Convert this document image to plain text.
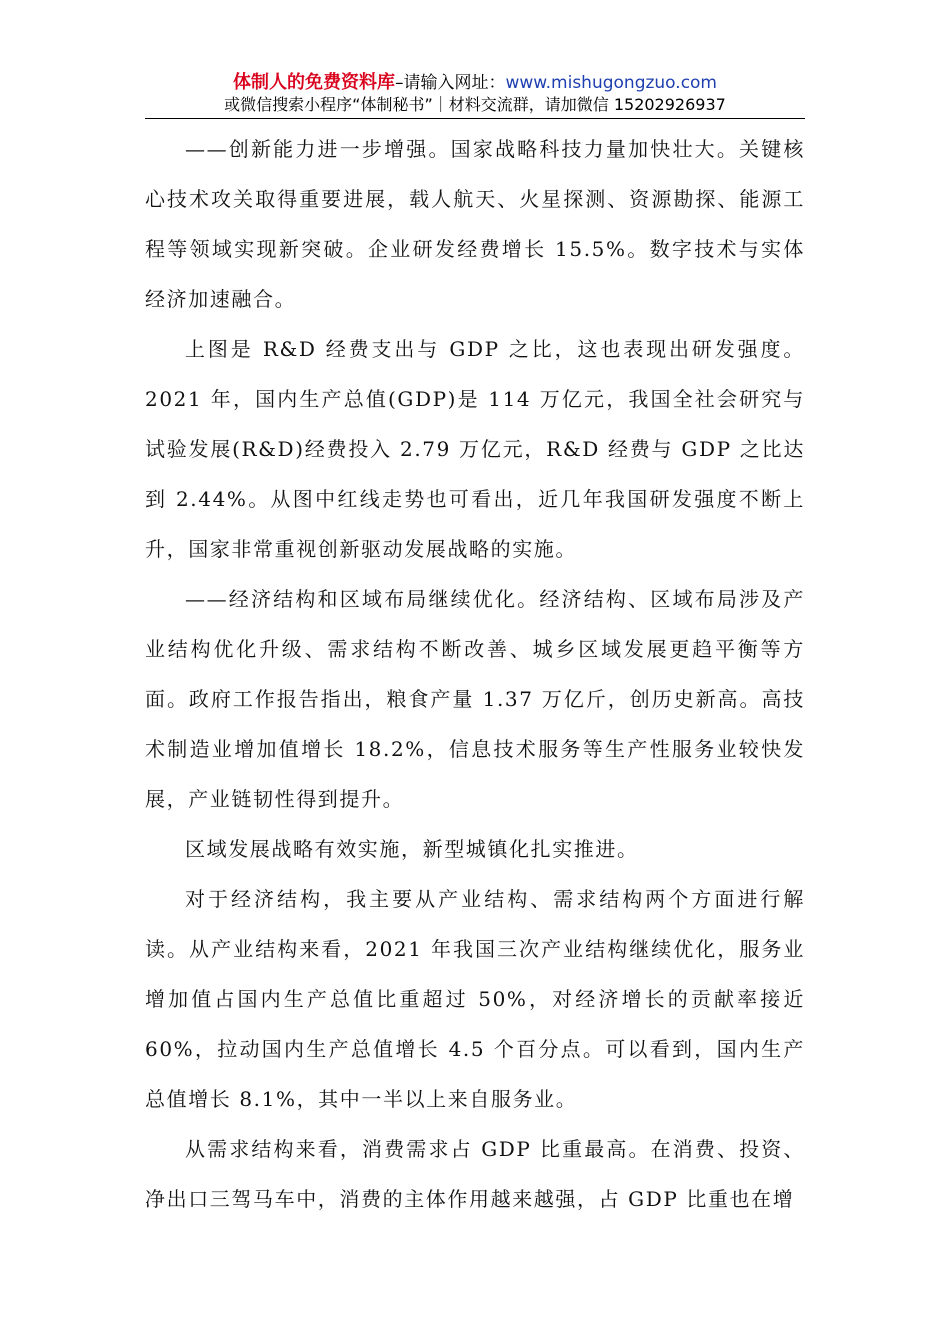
体制人的免费资料库–请输入网址：www.mishugongzuo.com
或微信搜索小程序“体制秘书”｜材料交流群，请加微信 15202926937

——创新能力进一步增强。国家战略科技力量加快壮大。关键核心技术攻关取得重要进展，载人航天、火星探测、资源勘探、能源工程等领域实现新突破。企业研发经费增长 15.5%。数字技术与实体经济加速融合。

上图是 R&D 经费支出与 GDP 之比，这也表现出研发强度。2021 年，国内生产总值(GDP)是 114 万亿元，我国全社会研究与试验发展(R&D)经费投入 2.79 万亿元，R&D 经费与 GDP 之比达到 2.44%。从图中红线走势也可看出，近几年我国研发强度不断上升，国家非常重视创新驱动发展战略的实施。

——经济结构和区域布局继续优化。经济结构、区域布局涉及产业结构优化升级、需求结构不断改善、城乡区域发展更趋平衡等方面。政府工作报告指出，粮食产量 1.37 万亿斤，创历史新高。高技术制造业增加值增长 18.2%，信息技术服务等生产性服务业较快发展，产业链韧性得到提升。

区域发展战略有效实施，新型城镇化扎实推进。

对于经济结构，我主要从产业结构、需求结构两个方面进行解读。从产业结构来看，2021 年我国三次产业结构继续优化，服务业增加值占国内生产总值比重超过 50%，对经济增长的贡献率接近 60%，拉动国内生产总值增长 4.5 个百分点。可以看到，国内生产总值增长 8.1%，其中一半以上来自服务业。

从需求结构来看，消费需求占 GDP 比重最高。在消费、投资、净出口三驾马车中，消费的主体作用越来越强，占 GDP 比重也在增
